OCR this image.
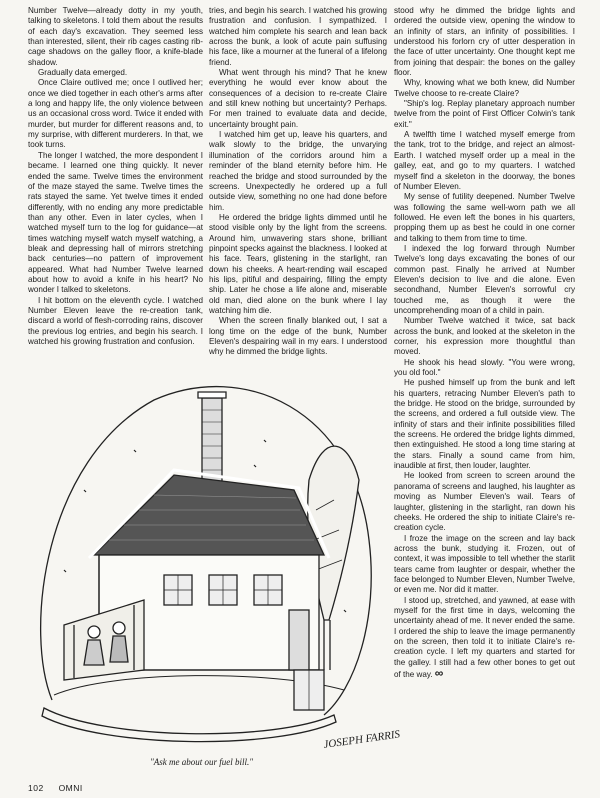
Number Twelve—already dotty in my youth, talking to skeletons. I told them about the results of each day's excavation. They seemed less than interested, silent, their rib cages casting rib-cage shadows on the galley floor, a knife-blade shadow.

Gradually data emerged.

Once Claire outlived me; once I outlived her; once we died together in each other's arms after a long and happy life, the only violence between us an occasional cross word. Twice it ended with murder, but murder for different reasons and, to my surprise, with different murderers. In that, we took turns.

The longer I watched, the more despondent I became. I learned one thing quickly. It never ended the same. Twelve times the environment of the maze stayed the same. Twelve times the rats stayed the same. Yet twelve times it ended differently, with no ending any more predictable than any other. Even in later cycles, when I watched myself turn to the log for guidance—at times watching myself watch myself watching, a bleak and depressing hall of mirrors stretching back centuries—no pattern of improvement appeared. What had Number Twelve learned about how to avoid a knife in his heart? No wonder I talked to skeletons.

I hit bottom on the eleventh cycle. I watched Number Eleven leave the re-creation tank, discard a world of flesh-corroding rains, discover the previous log entries, and begin his search. I watched his growing frustration and confusion.

tries, and begin his search. I watched his growing frustration and confusion. I sympathized. I watched him complete his search and lean back across the bunk, a look of acute pain suffusing his face, like a mourner at the funeral of a lifelong friend.

What went through his mind? That he knew everything he would ever know about the consequences of a decision to re-create Claire and still knew nothing but uncertainty? Perhaps. For men trained to evaluate data and decide, uncertainty brought pain.

I watched him get up, leave his quarters, and walk slowly to the bridge, the unvarying illumination of the corridors around him a reminder of the bland eternity before him. He reached the bridge and stood surrounded by the screens. Unexpectedly he ordered up a full outside view, something no one had done before him.

He ordered the bridge lights dimmed until he stood visible only by the light from the screens. Around him, unwavering stars shone, brilliant pinpoint specks against the blackness. I looked at his face. Tears, glistening in the starlight, ran down his cheeks. A heart-rending wail escaped his lips, pitiful and despairing, filling the empty ship. Later he chose a life alone and, miserable old man, died alone on the bunk where I lay watching him die.

When the screen finally blanked out, I sat a long time on the edge of the bunk, Number Eleven's despairing wail in my ears. I understood why he dimmed the bridge lights.

stood why he dimmed the bridge lights and ordered the outside view, opening the window to an infinity of stars, an infinity of possibilities. I understood his forlorn cry of utter desperation in the face of utter uncertainty. One thought kept me from joining that despair: the bones on the galley floor.

Why, knowing what we both knew, did Number Twelve choose to re-create Claire?

"Ship's log. Replay planetary approach number twelve from the point of First Officer Colwin's tank exit."

A twelfth time I watched myself emerge from the tank, trot to the bridge, and reject an almost-Earth. I watched myself order up a meal in the galley, eat, and go to my quarters. I watched myself find a skeleton in the doorway, the bones of Number Eleven.

My sense of futility deepened. Number Twelve was following the same well-worn path we all followed. He even left the bones in his quarters, propping them up as best he could in one corner and talking to them from time to time.

I indexed the log forward through Number Twelve's long days excavating the bones of our common past. Finally he arrived at Number Eleven's decision to live and die alone. Even secondhand, Number Eleven's sorrowful cry touched me, as though it were the uncomprehending moan of a child in pain.

Number Twelve watched it twice, sat back across the bunk, and looked at the skeleton in the corner, his expression more thoughtful than moved.

He shook his head slowly. "You were wrong, you old fool."

He pushed himself up from the bunk and left his quarters, retracing Number Eleven's path to the bridge. He stood on the bridge, surrounded by the screens, and ordered a full outside view. The infinity of stars and their infinite possibilities filled the screens. He ordered the bridge lights dimmed, then extinguished. He stood a long time staring at the stars. Finally a sound came from him, inaudible at first, then louder, laughter.

He looked from screen to screen around the panorama of screens and laughed, his laughter as moving as Number Eleven's wail. Tears of laughter, glistening in the starlight, ran down his cheeks. He ordered the ship to initiate Claire's re-creation cycle.

I froze the image on the screen and lay back across the bunk, studying it. Frozen, out of context, it was impossible to tell whether the starlit tears came from laughter or despair, whether the face belonged to Number Eleven, Number Twelve, or even me. Nor did it matter.

I stood up, stretched, and yawned, at ease with myself for the first time in days, welcoming the uncertainty ahead of me. It never ended the same. I ordered the ship to leave the image permanently on the screen, then told it to initiate Claire's re-creation cycle. I left my quarters and started for the galley. I still had a few other bones to get out of the way. ∞

JOSEPH FARRIS
"Ask me about our fuel bill."
102 OMNI
